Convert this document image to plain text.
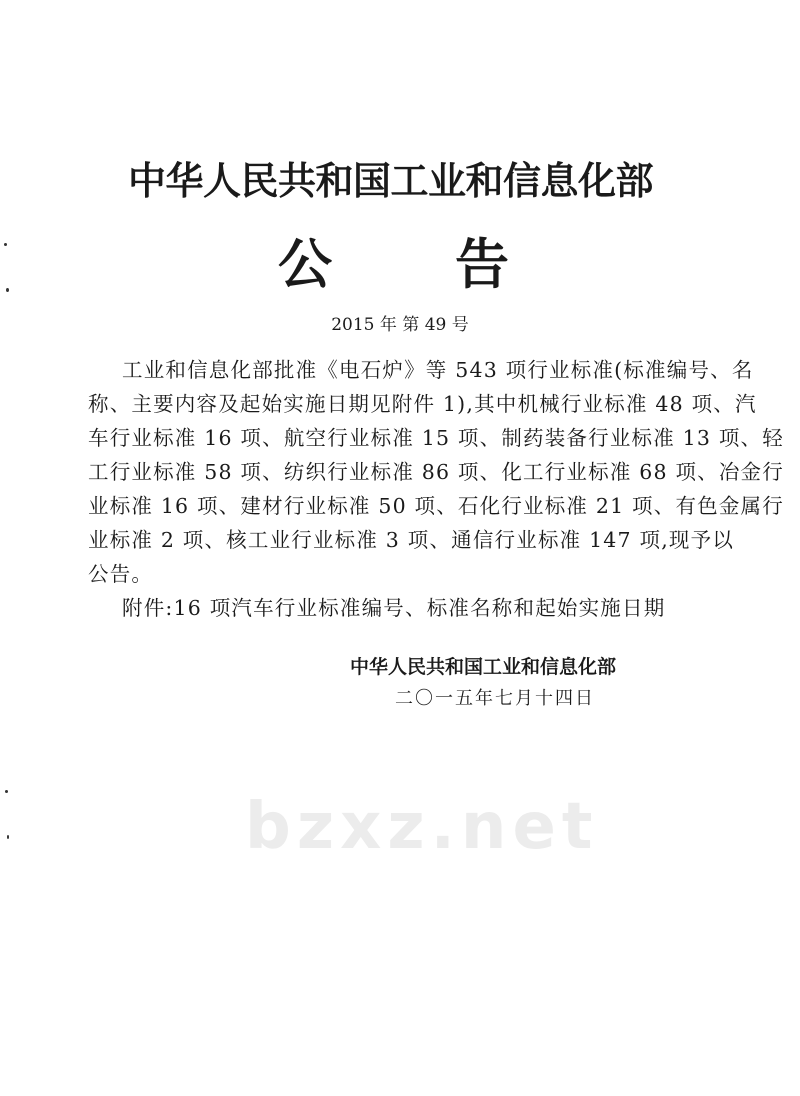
bzxz.net
中华人民共和国工业和信息化部
公 告
2015 年 第 49 号
工业和信息化部批准《电石炉》等 543 项行业标准(标准编号、名
称、主要内容及起始实施日期见附件 1),其中机械行业标准 48 项、汽
车行业标准 16 项、航空行业标准 15 项、制药装备行业标准 13 项、轻
工行业标准 58 项、纺织行业标准 86 项、化工行业标准 68 项、冶金行
业标准 16 项、建材行业标准 50 项、石化行业标准 21 项、有色金属行
业标准 2 项、核工业行业标准 3 项、通信行业标准 147 项,现予以
公告。
附件:16 项汽车行业标准编号、标准名称和起始实施日期
中华人民共和国工业和信息化部
二〇一五年七月十四日
